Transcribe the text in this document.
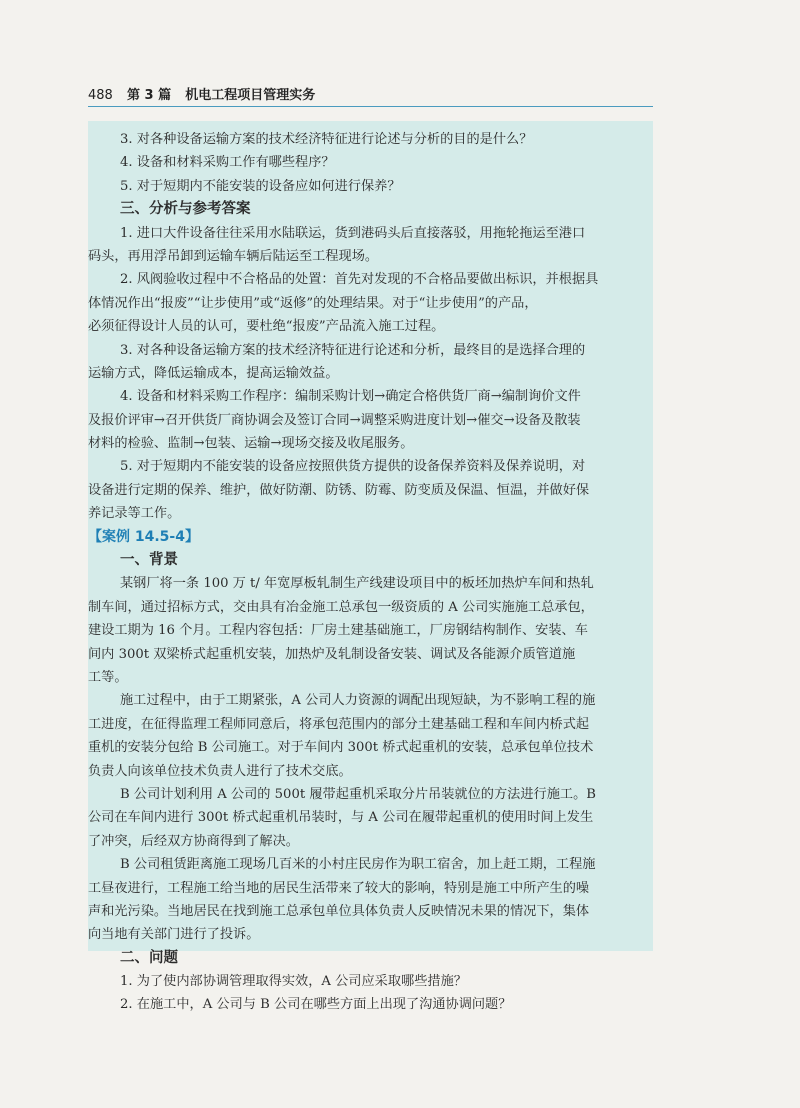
488 第 3 篇 机电工程项目管理实务
3. 对各种设备运输方案的技术经济特征进行论述与分析的目的是什么？
4. 设备和材料采购工作有哪些程序？
5. 对于短期内不能安装的设备应如何进行保养？
三、分析与参考答案
1. 进口大件设备往往采用水陆联运，货到港码头后直接落驳，用拖轮拖运至港口
码头，再用浮吊卸到运输车辆后陆运至工程现场。
2. 风阀验收过程中不合格品的处置：首先对发现的不合格品要做出标识，并根据具
体情况作出“报废”“让步使用”或“返修”的处理结果。对于“让步使用”的产品，
必须征得设计人员的认可，要杜绝“报废”产品流入施工过程。
3. 对各种设备运输方案的技术经济特征进行论述和分析，最终目的是选择合理的
运输方式，降低运输成本，提高运输效益。
4. 设备和材料采购工作程序：编制采购计划→确定合格供货厂商→编制询价文件
及报价评审→召开供货厂商协调会及签订合同→调整采购进度计划→催交→设备及散装
材料的检验、监制→包装、运输→现场交接及收尾服务。
5. 对于短期内不能安装的设备应按照供货方提供的设备保养资料及保养说明，对
设备进行定期的保养、维护，做好防潮、防锈、防霉、防变质及保温、恒温，并做好保
养记录等工作。
【案例 14.5-4】
一、背景
某钢厂将一条 100 万 t/ 年宽厚板轧制生产线建设项目中的板坯加热炉车间和热轧
制车间，通过招标方式，交由具有冶金施工总承包一级资质的 A 公司实施施工总承包，
建设工期为 16 个月。工程内容包括：厂房土建基础施工，厂房钢结构制作、安装、车
间内 300t 双梁桥式起重机安装，加热炉及轧制设备安装、调试及各能源介质管道施
工等。
施工过程中，由于工期紧张，A 公司人力资源的调配出现短缺，为不影响工程的施
工进度，在征得监理工程师同意后，将承包范围内的部分土建基础工程和车间内桥式起
重机的安装分包给 B 公司施工。对于车间内 300t 桥式起重机的安装，总承包单位技术
负责人向该单位技术负责人进行了技术交底。
B 公司计划利用 A 公司的 500t 履带起重机采取分片吊装就位的方法进行施工。B
公司在车间内进行 300t 桥式起重机吊装时，与 A 公司在履带起重机的使用时间上发生
了冲突，后经双方协商得到了解决。
B 公司租赁距离施工现场几百米的小村庄民房作为职工宿舍，加上赶工期，工程施
工昼夜进行，工程施工给当地的居民生活带来了较大的影响，特别是施工中所产生的噪
声和光污染。当地居民在找到施工总承包单位具体负责人反映情况未果的情况下，集体
向当地有关部门进行了投诉。
二、问题
1. 为了使内部协调管理取得实效，A 公司应采取哪些措施？
2. 在施工中，A 公司与 B 公司在哪些方面上出现了沟通协调问题？
